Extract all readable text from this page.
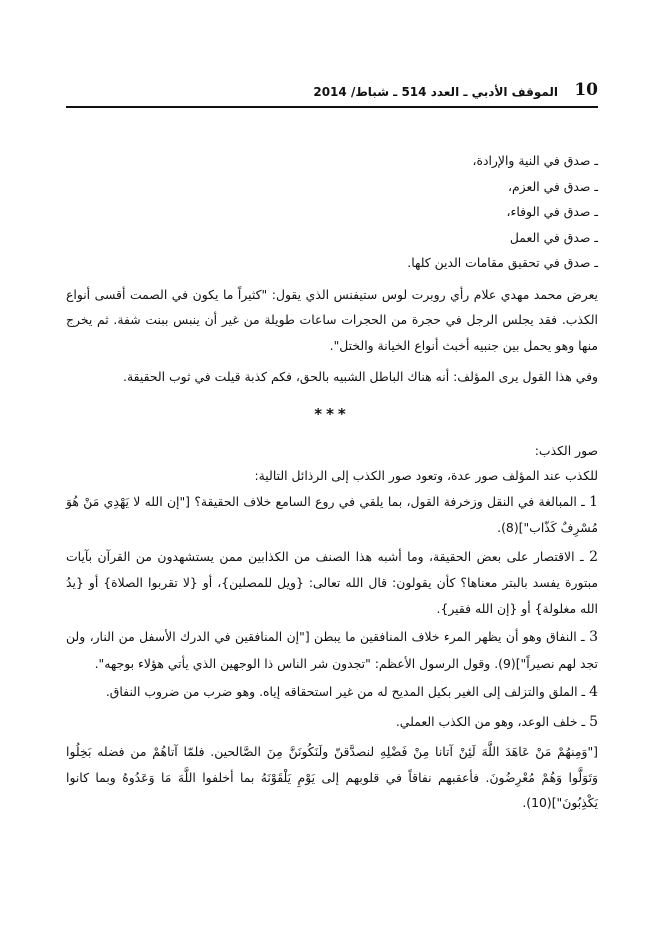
10
الموقف الأدبي ـ العدد 514 ـ شباط/ 2014
ـ صدق في النية والإرادة،
ـ صدق في العزم،
ـ صدق في الوفاء،
ـ صدق في العمل
ـ صدق في تحقيق مقامات الدين كلها.

يعرض محمد مهدي علام رأي روبرت لوس ستيفنس الذي يقول: "كثيراً ما يكون في الصمت أقسى أنواع الكذب. فقد يجلس الرجل في حجرة من الحجرات ساعات طويلة من غير أن ينبس ببنت شفة. ثم يخرج منها وهو يحمل بين جنبيه أخبث أنواع الخيانة والختل".

وفي هذا القول يرى المؤلف: أنه هناك الباطل الشبيه بالحق، فكم كذبة قيلت في ثوب الحقيقة.

***

صور الكذب:

للكذب عند المؤلف صور عدة، وتعود صور الكذب إلى الرذائل التالية:

1 ـ المبالغة في النقل وزخرفة القول، بما يلقي في روع السامع خلاف الحقيقة؟ ["إن الله لا يَهْدِي مَنْ هُوَ مُسْرِفٌ كَذّاب"](8).
2 ـ الاقتصار على بعض الحقيقة، وما أشبه هذا الصنف من الكذابين ممن يستشهدون من القرآن بآيات مبتورة يفسد بالبتر معناها؟ كأن يقولون: قال الله تعالى: {ويل للمصلين}، أو {لا تقربوا الصلاة} أو {يدُ الله مغلولة} أو {إن الله فقير}.
3 ـ النفاق وهو أن يظهر المرء خلاف المنافقين ما يبطن ["إن المنافقين في الدرك الأسفل من النار، ولن تجد لهم نصيراً"](9). وقول الرسول الأعظم: "تجدون شر الناس ذا الوجهين الذي يأتي هؤلاء بوجهه".
4 ـ الملق والتزلف إلى الغير بكيل المديح له من غير استحقاقه إياه. وهو ضرب من ضروب النفاق.
5 ـ خلف الوعد، وهو من الكذب العملي.

["وَمِنهُمْ مَنْ عَاهَدَ اللَّهَ لَئِنْ آتانا مِنْ فَضْلِهِ لنصدَّقنّ ولَنَكُونَنَّ مِنَ الصَّالحين. فلمّا آتاهُمْ من فضله بَخِلُوا وَتَوَلَّوا وَهُمْ مُعْرِضُونَ. فأعقبهم نفاقاً في قلوبهم إلى يَوْمِ يَلْقَوْنَهُ بما أخلفوا اللَّهَ مَا وَعَدُوهُ وبما كانوا يَكْذِبُونَ"](10).
